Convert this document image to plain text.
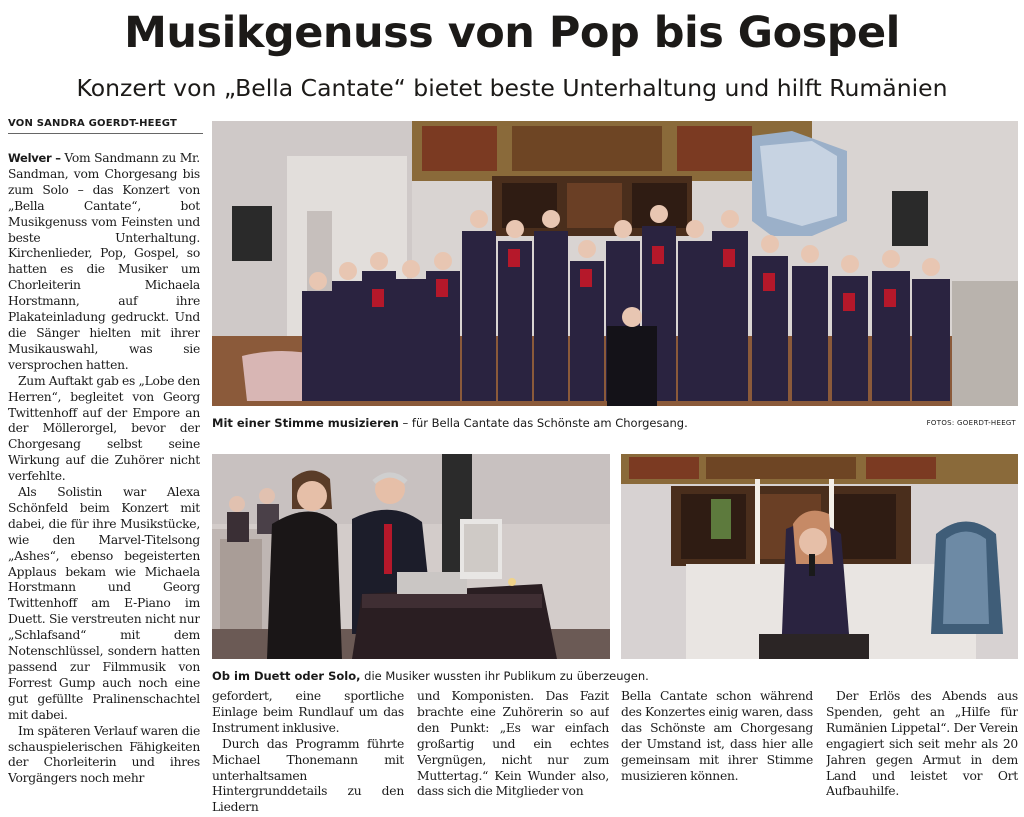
Musikgenuss von Pop bis Gospel
Konzert von „Bella Cantate“ bietet beste Unterhaltung und hilft Rumänien
VON SANDRA GOERDT-HEEGT

Welver – Vom Sandmann zu Mr. Sandman, vom Chorgesang bis zum Solo – das Konzert von „Bella Cantate“, bot Musikgenuss vom Feinsten und beste Unterhaltung. Kirchenlieder, Pop, Gospel, so hatten es die Musiker um Chorleiterin Michaela Horstmann, auf ihre Plakateinladung gedruckt. Und die Sänger hielten mit ihrer Musikauswahl, was sie versprochen hatten.

Zum Auftakt gab es „Lobe den Herren“, begleitet von Georg Twittenhoff auf der Empore an der Möllerorgel, bevor der Chorgesang selbst seine Wirkung auf die Zuhörer nicht verfehlte.

Als Solistin war Alexa Schönfeld beim Konzert mit dabei, die für ihre Musikstücke, wie den Marvel-Titelsong „Ashes“, ebenso begeisterten Applaus bekam wie Michaela Horstmann und Georg Twittenhoff am E-Piano im Duett. Sie verstreuten nicht nur „Schlafsand“ mit dem Notenschlüssel, sondern hatten passend zur Filmmusik von Forrest Gump auch noch eine gut gefüllte Pralinenschachtel mit dabei.

Im späteren Verlauf waren die schauspielerischen Fähigkeiten der Chorleiterin und ihres Vorgängers noch mehr

Mit einer Stimme musizieren – für Bella Cantate das Schönste am Chorgesang.	FOTOS: GOERDT-HEEGT
Ob im Duett oder Solo, die Musiker wussten ihr Publikum zu überzeugen.

gefordert, eine sportliche Einlage beim Rundlauf um das Instrument inklusive.

Durch das Programm führte Michael Thonemann mit unterhaltsamen Hintergrunddetails zu den Liedern

und Komponisten. Das Fazit brachte eine Zuhörerin so auf den Punkt: „Es war einfach großartig und ein echtes Vergnügen, nicht nur zum Muttertag.“ Kein Wunder also, dass sich die Mitglieder von

Bella Cantate schon während des Konzertes einig waren, dass das Schönste am Chorgesang der Umstand ist, dass hier alle gemeinsam mit ihrer Stimme musizieren können.

Der Erlös des Abends aus Spenden, geht an „Hilfe für Rumänien Lippetal“. Der Verein engagiert sich seit mehr als 20 Jahren gegen Armut in dem Land und leistet vor Ort Aufbauhilfe.
